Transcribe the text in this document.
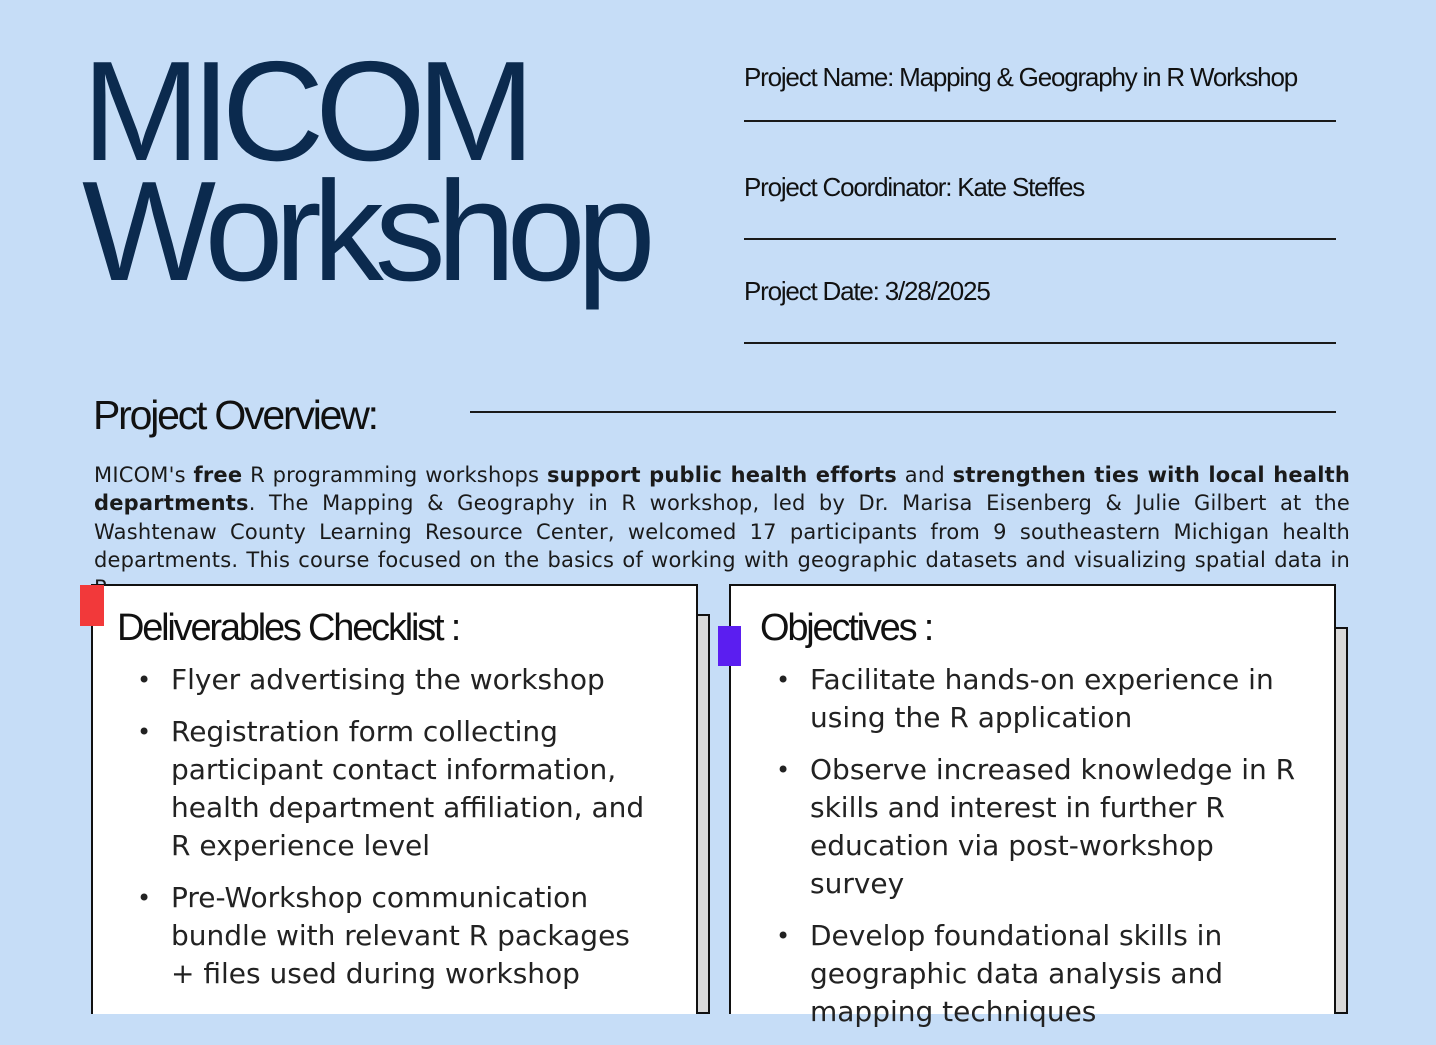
MICOM
Workshop
Project Name: Mapping & Geography in R Workshop
Project Coordinator: Kate Steffes
Project Date: 3/28/2025
Project Overview:

MICOM's free R programming workshops support public health efforts and strengthen ties with local health departments. The Mapping & Geography in R workshop, led by Dr. Marisa Eisenberg & Julie Gilbert at the Washtenaw County Learning Resource Center, welcomed 17 participants from 9 southeastern Michigan health departments. This course focused on the basics of working with geographic datasets and visualizing spatial data in

Deliverables Checklist :
• Flyer advertising the workshop
• Registration form collecting participant contact information, health department affiliation, and R experience level
• Pre-Workshop communication bundle with relevant R packages + files used during workshop
Objectives :
• Facilitate hands-on experience in using the R application
• Observe increased knowledge in R skills and interest in further R education via post-workshop survey
• Develop foundational skills in geographic data analysis and mapping techniques
